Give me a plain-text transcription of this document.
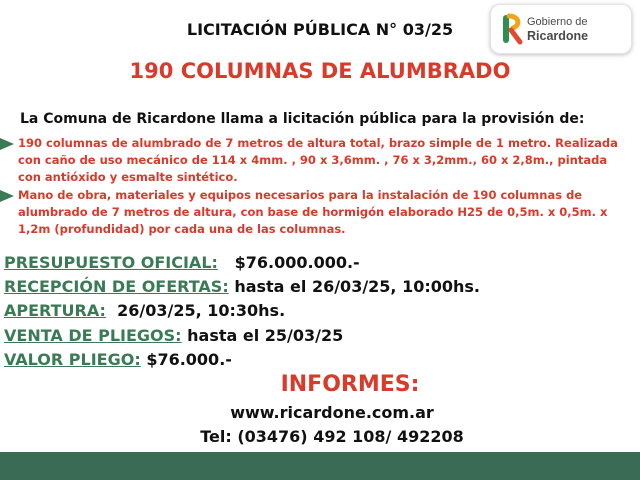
LICITACIÓN PÚBLICA N° 03/25	Gobierno de
Ricardone
190 COLUMNAS DE ALUMBRADO
La Comuna de Ricardone llama a licitación pública para la provisión de:
190 columnas de alumbrado de 7 metros de altura total, brazo simple de 1 metro. Realizada con caño de uso mecánico de 114 x 4mm. , 90 x 3,6mm. , 76 x 3,2mm., 60 x 2,8m., pintada con antióxido y esmalte sintético.
Mano de obra, materiales y equipos necesarios para la instalación de 190 columnas de alumbrado de 7 metros de altura, con base de hormigón elaborado H25 de 0,5m. x 0,5m. x 1,2m (profundidad) por cada una de las columnas.
PRESUPUESTO OFICIAL: $76.000.000.-
RECEPCIÓN DE OFERTAS: hasta el 26/03/25, 10:00hs.
APERTURA: 26/03/25, 10:30hs.
VENTA DE PLIEGOS: hasta el 25/03/25
VALOR PLIEGO: $76.000.-
INFORMES:
www.ricardone.com.ar
Tel: (03476) 492 108/ 492208
